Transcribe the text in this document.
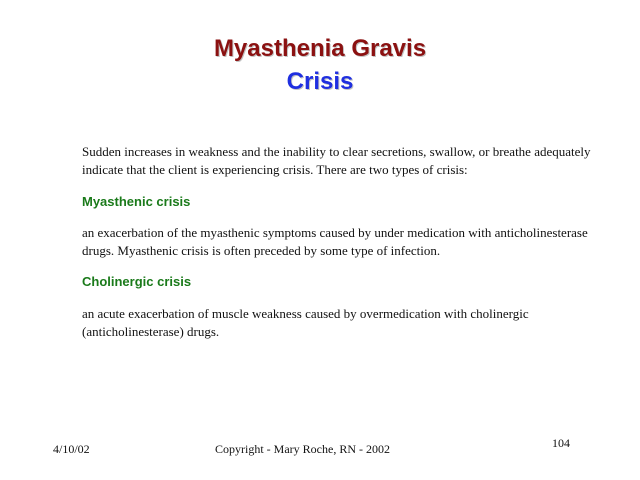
Myasthenia Gravis
Crisis

Sudden increases in weakness and the inability to clear secretions, swallow, or breathe adequately indicate that the client is experiencing crisis. There are two types of crisis:

Myasthenic crisis

an exacerbation of the myasthenic symptoms caused by under medication with anticholinesterase drugs. Myasthenic crisis is often preceded by some type of infection.

Cholinergic crisis

an acute exacerbation of muscle weakness caused by overmedication with cholinergic (anticholinesterase) drugs.

4/10/02	Copyright - Mary Roche, RN - 2002	104
